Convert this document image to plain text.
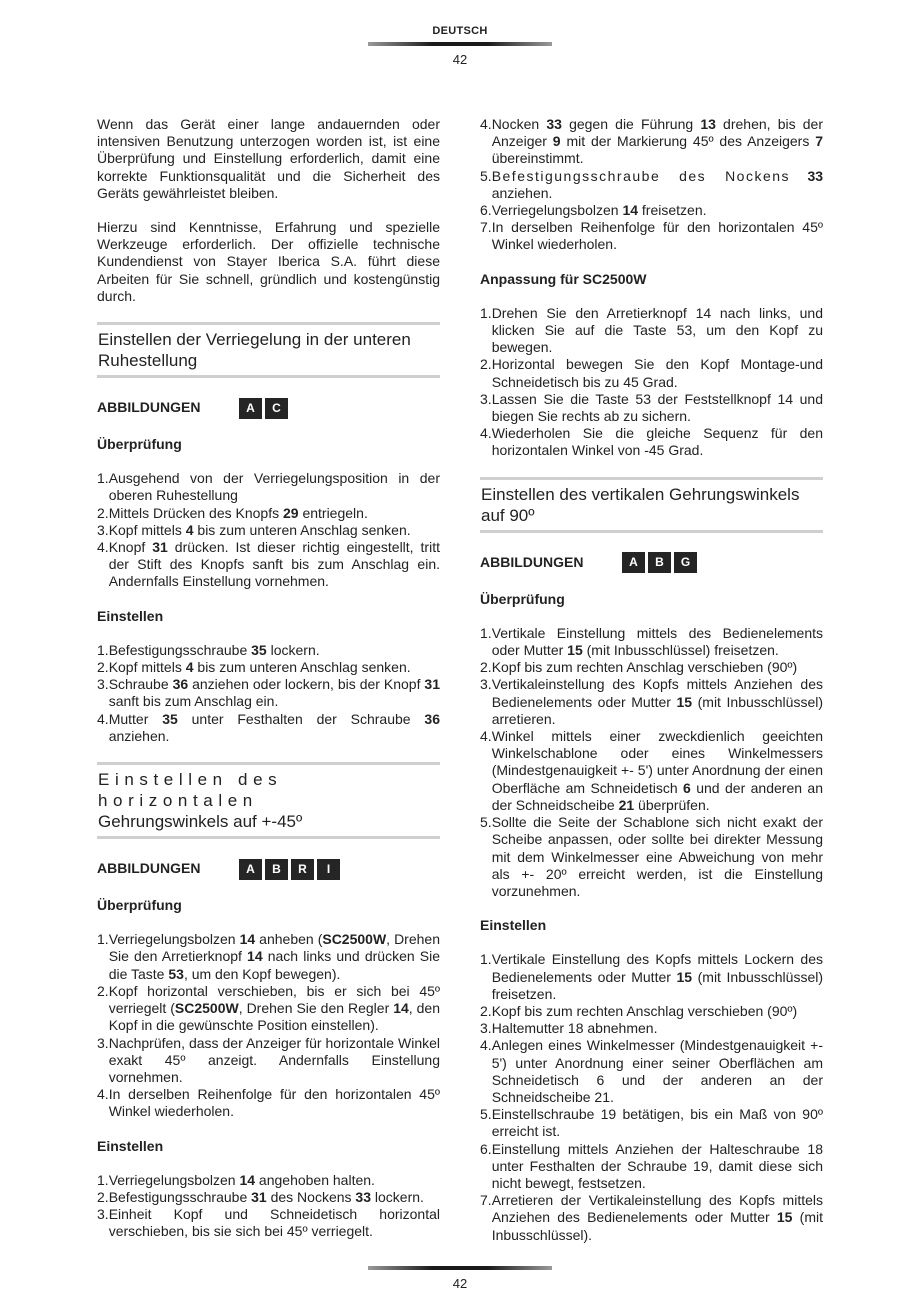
DEUTSCH
42

Wenn das Gerät einer lange andauernden oder intensiven Benutzung unterzogen worden ist, ist eine Überprüfung und Einstellung erforderlich, damit eine korrekte Funktionsqualität und die Sicherheit des Geräts gewährleistet bleiben.

Hierzu sind Kenntnisse, Erfahrung und spezielle Werkzeuge erforderlich. Der offizielle technische Kundendienst von Stayer Iberica S.A. führt diese Arbeiten für Sie schnell, gründlich und kostengünstig durch.

Einstellen der Verriegelung in der unteren Ruhestellung
ABBILDUNGEN	A	C
Überprüfung
1. Ausgehend von der Verriegelungsposition in der oberen Ruhestellung
2. Mittels Drücken des Knopfs 29 entriegeln.
3. Kopf mittels 4 bis zum unteren Anschlag senken.
4. Knopf 31 drücken. Ist dieser richtig eingestellt, tritt der Stift des Knopfs sanft bis zum Anschlag ein. Andernfalls Einstellung vornehmen.
Einstellen
1. Befestigungsschraube 35 lockern.
2. Kopf mittels 4 bis zum unteren Anschlag senken.
3. Schraube 36 anziehen oder lockern, bis der Knopf 31 sanft bis zum Anschlag ein.
4. Mutter 35 unter Festhalten der Schraube 36 anziehen.
Einstellen des horizontalen
Gehrungswinkels auf +-45º
ABBILDUNGEN	A	B	R	I
Überprüfung
1. Verriegelungsbolzen 14 anheben (SC2500W, Drehen Sie den Arretierknopf 14 nach links und drücken Sie die Taste 53, um den Kopf bewegen).
2. Kopf horizontal verschieben, bis er sich bei 45º verriegelt (SC2500W, Drehen Sie den Regler 14, den Kopf in die gewünschte Position einstellen).
3. Nachprüfen, dass der Anzeiger für horizontale Winkel exakt 45º anzeigt. Andernfalls Einstellung vornehmen.
4. In derselben Reihenfolge für den horizontalen 45º Winkel wiederholen.
Einstellen
1. Verriegelungsbolzen 14 angehoben halten.
2. Befestigungsschraube 31 des Nockens 33 lockern.
3. Einheit Kopf und Schneidetisch horizontal verschieben, bis sie sich bei 45º verriegelt.
4. Nocken 33 gegen die Führung 13 drehen, bis der Anzeiger 9 mit der Markierung 45º des Anzeigers 7 übereinstimmt.
5. Befestigungsschraube des Nockens 33 anziehen.
6. Verriegelungsbolzen 14 freisetzen.
7. In derselben Reihenfolge für den horizontalen 45º Winkel wiederholen.
Anpassung für SC2500W
1. Drehen Sie den Arretierknopf 14 nach links, und klicken Sie auf die Taste 53, um den Kopf zu bewegen.
2. Horizontal bewegen Sie den Kopf Montage-und Schneidetisch bis zu 45 Grad.
3. Lassen Sie die Taste 53 der Feststellknopf 14 und biegen Sie rechts ab zu sichern.
4. Wiederholen Sie die gleiche Sequenz für den horizontalen Winkel von -45 Grad.
Einstellen des vertikalen Gehrungswinkels auf 90º
ABBILDUNGEN	A	B	G
Überprüfung
1. Vertikale Einstellung mittels des Bedienelements oder Mutter 15 (mit Inbusschlüssel) freisetzen.
2. Kopf bis zum rechten Anschlag verschieben (90º)
3. Vertikaleinstellung des Kopfs mittels Anziehen des Bedienelements oder Mutter 15 (mit Inbusschlüssel) arretieren.
4. Winkel mittels einer zweckdienlich geeichten Winkelschablone oder eines Winkelmessers (Mindestgenauigkeit +- 5') unter Anordnung der einen Oberfläche am Schneidetisch 6 und der anderen an der Schneidscheibe 21 überprüfen.
5. Sollte die Seite der Schablone sich nicht exakt der Scheibe anpassen, oder sollte bei direkter Messung mit dem Winkelmesser eine Abweichung von mehr als +- 20º erreicht werden, ist die Einstellung vorzunehmen.
Einstellen
1. Vertikale Einstellung des Kopfs mittels Lockern des Bedienelements oder Mutter 15 (mit Inbusschlüssel) freisetzen.
2. Kopf bis zum rechten Anschlag verschieben (90º)
3. Haltemutter 18 abnehmen.
4. Anlegen eines Winkelmesser (Mindestgenauigkeit +- 5') unter Anordnung einer seiner Oberflächen am Schneidetisch 6 und der anderen an der Schneidscheibe 21.
5. Einstellschraube 19 betätigen, bis ein Maß von 90º erreicht ist.
6. Einstellung mittels Anziehen der Halteschraube 18 unter Festhalten der Schraube 19, damit diese sich nicht bewegt, festsetzen.
7. Arretieren der Vertikaleinstellung des Kopfs mittels Anziehen des Bedienelements oder Mutter 15 (mit Inbusschlüssel).
42
